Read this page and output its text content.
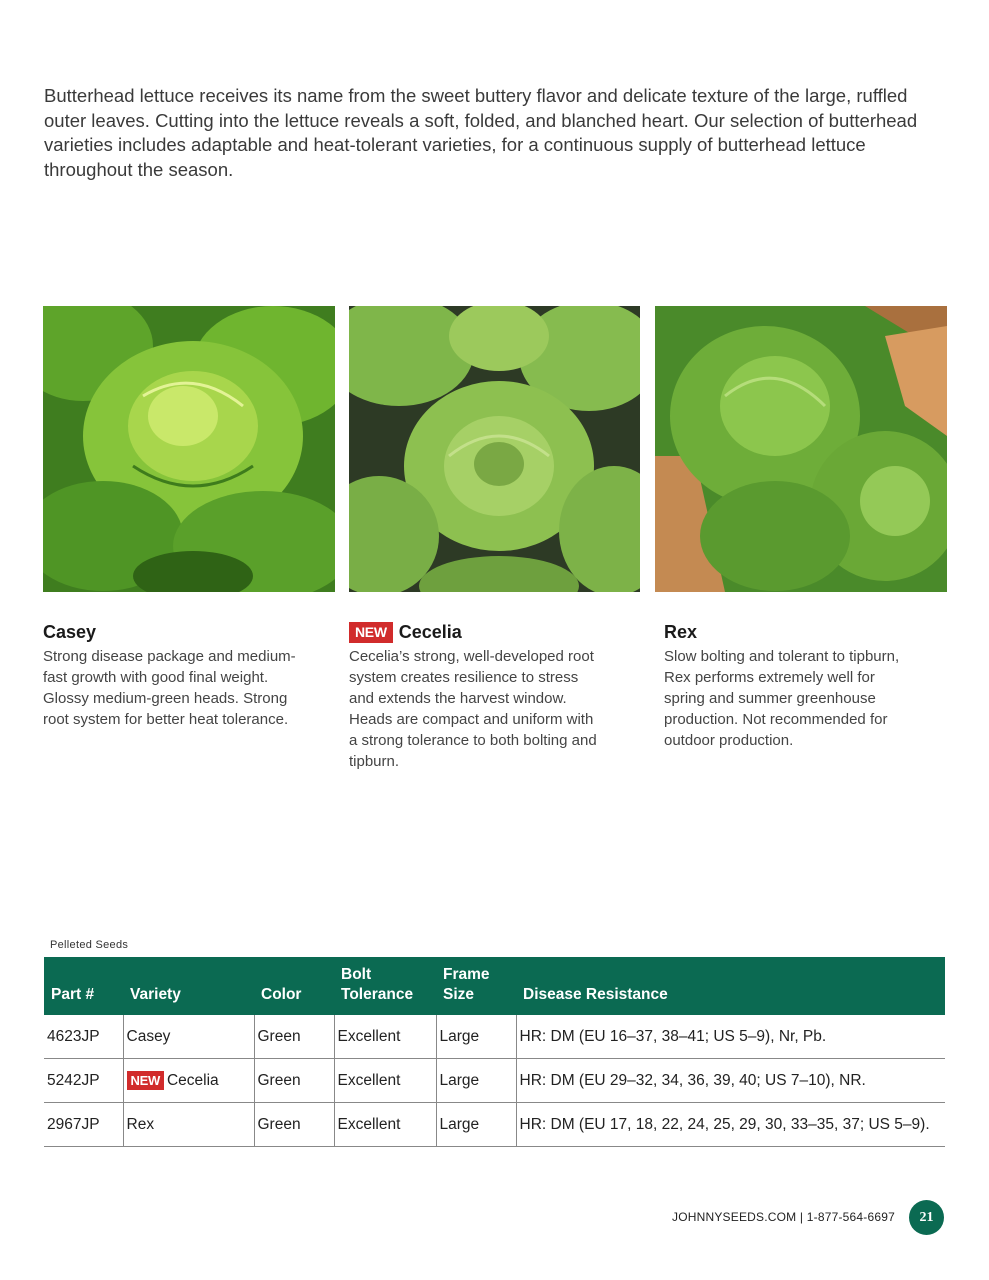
Butterhead lettuce receives its name from the sweet buttery flavor and delicate texture of the large, ruffled outer leaves. Cutting into the lettuce reveals a soft, folded, and blanched heart. Our selection of butterhead varieties includes adaptable and heat-tolerant varieties, for a continuous supply of butterhead lettuce throughout the season.

Casey

Strong disease package and medium-fast growth with good final weight. Glossy medium-green heads. Strong root system for better heat tolerance.

NEW Cecelia

Cecelia’s strong, well-developed root system creates resilience to stress and extends the harvest window. Heads are compact and uniform with a strong tolerance to both bolting and tipburn.

Rex

Slow bolting and tolerant to tipburn, Rex performs extremely well for spring and summer greenhouse production. Not recommended for outdoor production.

Pelleted Seeds
Part #	Variety	Color	Bolt Tolerance	Frame Size	Disease Resistance
4623JP	Casey	Green	Excellent	Large	HR: DM (EU 16–37, 38–41; US 5–9), Nr, Pb.
5242JP	NEW Cecelia	Green	Excellent	Large	HR: DM (EU 29–32, 34, 36, 39, 40; US 7–10), NR.
2967JP	Rex	Green	Excellent	Large	HR: DM (EU 17, 18, 22, 24, 25, 29, 30, 33–35, 37; US 5–9).
JOHNNYSEEDS.COM | 1-877-564-6697	21
